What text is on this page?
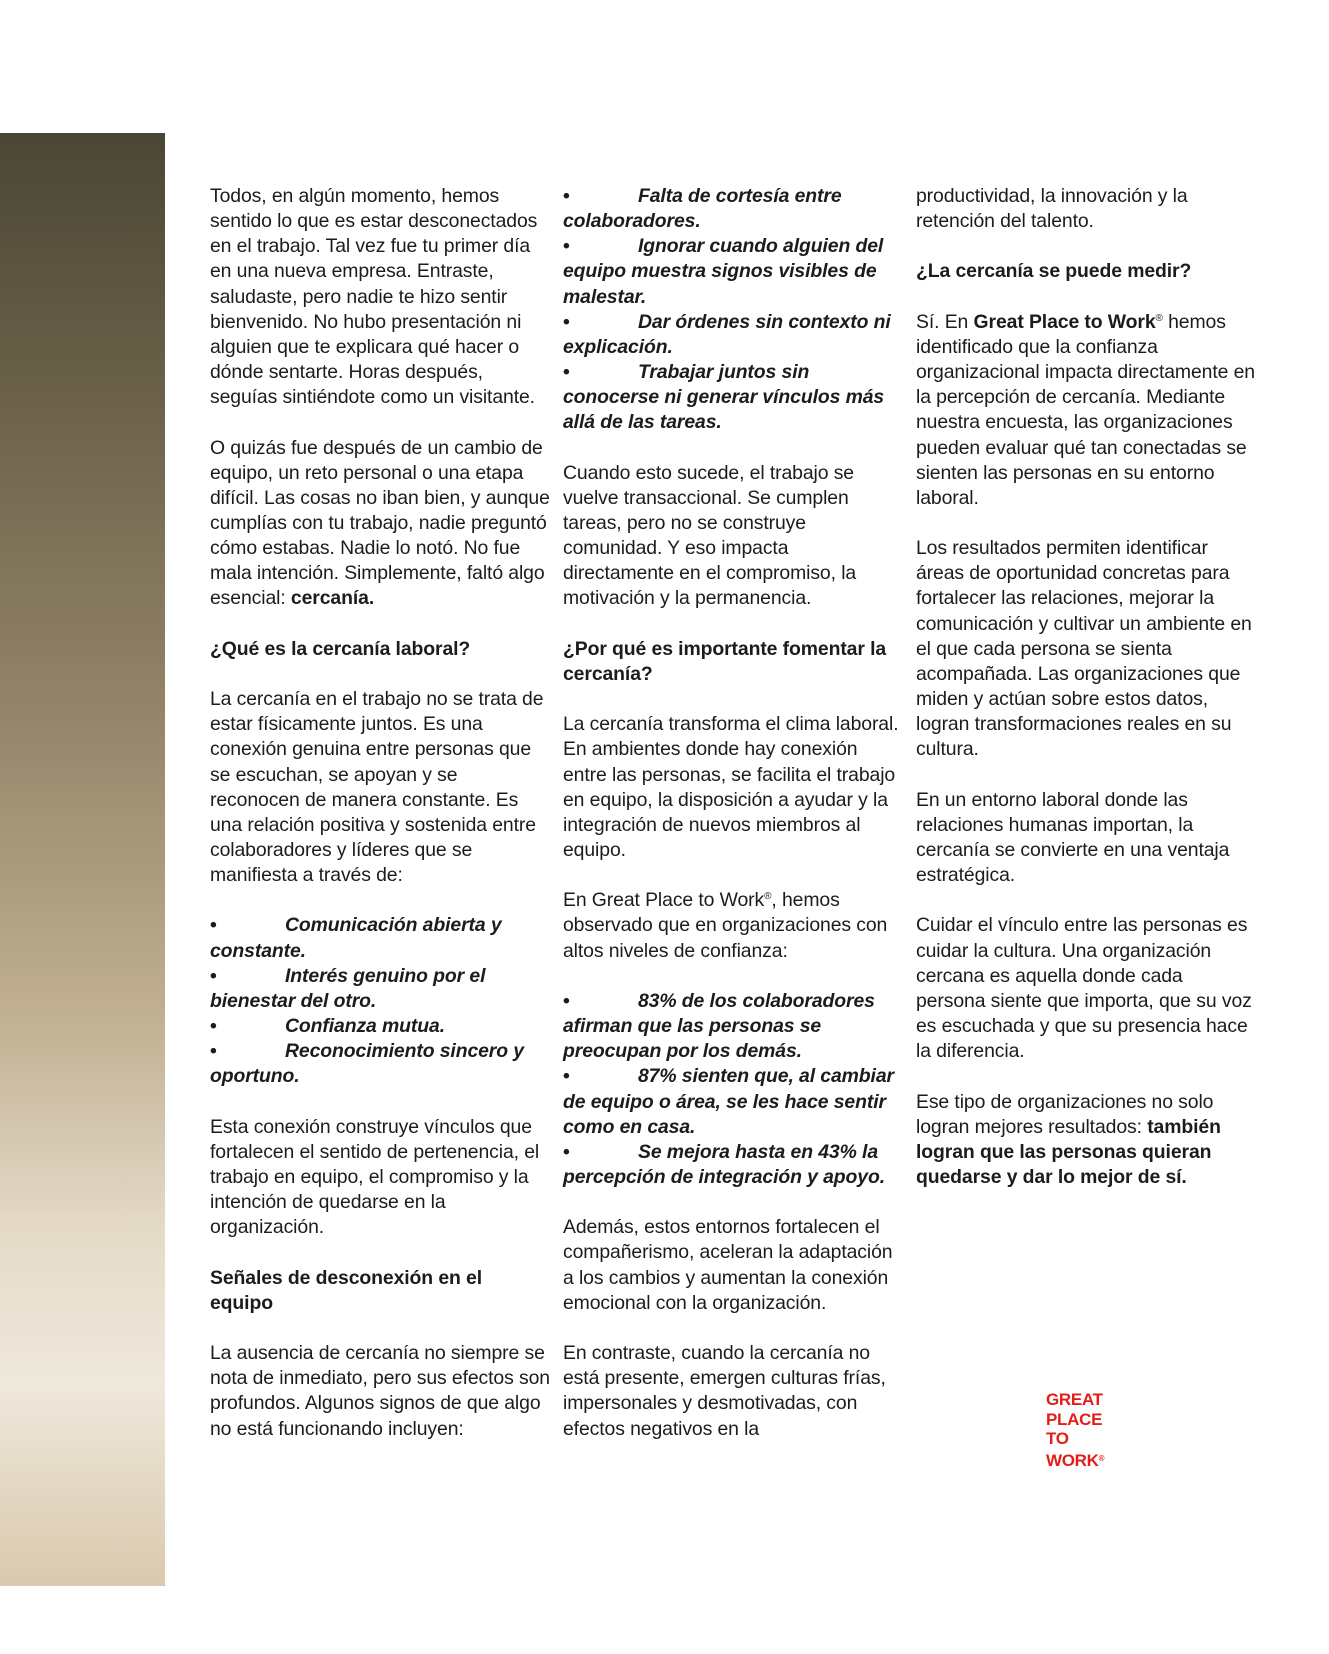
Todos, en algún momento, hemos sentido lo que es estar desconectados en el trabajo. Tal vez fue tu primer día en una nueva empresa. Entraste, saludaste, pero nadie te hizo sentir bienvenido. No hubo presentación ni alguien que te explicara qué hacer o dónde sentarte. Horas después, seguías sintiéndote como un visitante.

O quizás fue después de un cambio de equipo, un reto personal o una etapa difícil. Las cosas no iban bien, y aunque cumplías con tu trabajo, nadie preguntó cómo estabas. Nadie lo notó. No fue mala intención. Simplemente, faltó algo esencial: cercanía.

¿Qué es la cercanía laboral?

La cercanía en el trabajo no se trata de estar físicamente juntos. Es una conexión genuina entre personas que se escuchan, se apoyan y se reconocen de manera constante. Es una relación positiva y sostenida entre colaboradores y líderes que se manifiesta a través de:

•	Comunicación abierta y constante.

•	Interés genuino por el bienestar del otro.

•	Confianza mutua.

•	Reconocimiento sincero y oportuno.

Esta conexión construye vínculos que fortalecen el sentido de pertenencia, el trabajo en equipo, el compromiso y la intención de quedarse en la organización.

Señales de desconexión en el equipo

La ausencia de cercanía no siempre se nota de inmediato, pero sus efectos son profundos. Algunos signos de que algo no está funcionando incluyen:

•	Falta de cortesía entre colaboradores.

•	Ignorar cuando alguien del equipo muestra signos visibles de malestar.

•	Dar órdenes sin contexto ni explicación.

•	Trabajar juntos sin conocerse ni generar vínculos más allá de las tareas.

Cuando esto sucede, el trabajo se vuelve transaccional. Se cumplen tareas, pero no se construye comunidad. Y eso impacta directamente en el compromiso, la motivación y la permanencia.

¿Por qué es importante fomentar la cercanía?

La cercanía transforma el clima laboral. En ambientes donde hay conexión entre las personas, se facilita el trabajo en equipo, la disposición a ayudar y la integración de nuevos miembros al equipo.

En Great Place to Work®, hemos observado que en organizaciones con altos niveles de confianza:

•	83% de los colaboradores afirman que las personas se preocupan por los demás.

•	87% sienten que, al cambiar de equipo o área, se les hace sentir como en casa.

•	Se mejora hasta en 43% la percepción de integración y apoyo.

Además, estos entornos fortalecen el compañerismo, aceleran la adaptación a los cambios y aumentan la conexión emocional con la organización.

En contraste, cuando la cercanía no está presente, emergen culturas frías, impersonales y desmotivadas, con efectos negativos en la

productividad, la innovación y la retención del talento.

¿La cercanía se puede medir?

Sí. En Great Place to Work® hemos identificado que la confianza organizacional impacta directamente en la percepción de cercanía. Mediante nuestra encuesta, las organizaciones pueden evaluar qué tan conectadas se sienten las personas en su entorno laboral.

Los resultados permiten identificar áreas de oportunidad concretas para fortalecer las relaciones, mejorar la comunicación y cultivar un ambiente en el que cada persona se sienta acompañada. Las organizaciones que miden y actúan sobre estos datos, logran transformaciones reales en su cultura.

En un entorno laboral donde las relaciones humanas importan, la cercanía se convierte en una ventaja estratégica.

Cuidar el vínculo entre las personas es cuidar la cultura. Una organización cercana es aquella donde cada persona siente que importa, que su voz es escuchada y que su presencia hace la diferencia.

Ese tipo de organizaciones no solo logran mejores resultados: también logran que las personas quieran quedarse y dar lo mejor de sí.

GREAT
PLACE
TO
WORK®
